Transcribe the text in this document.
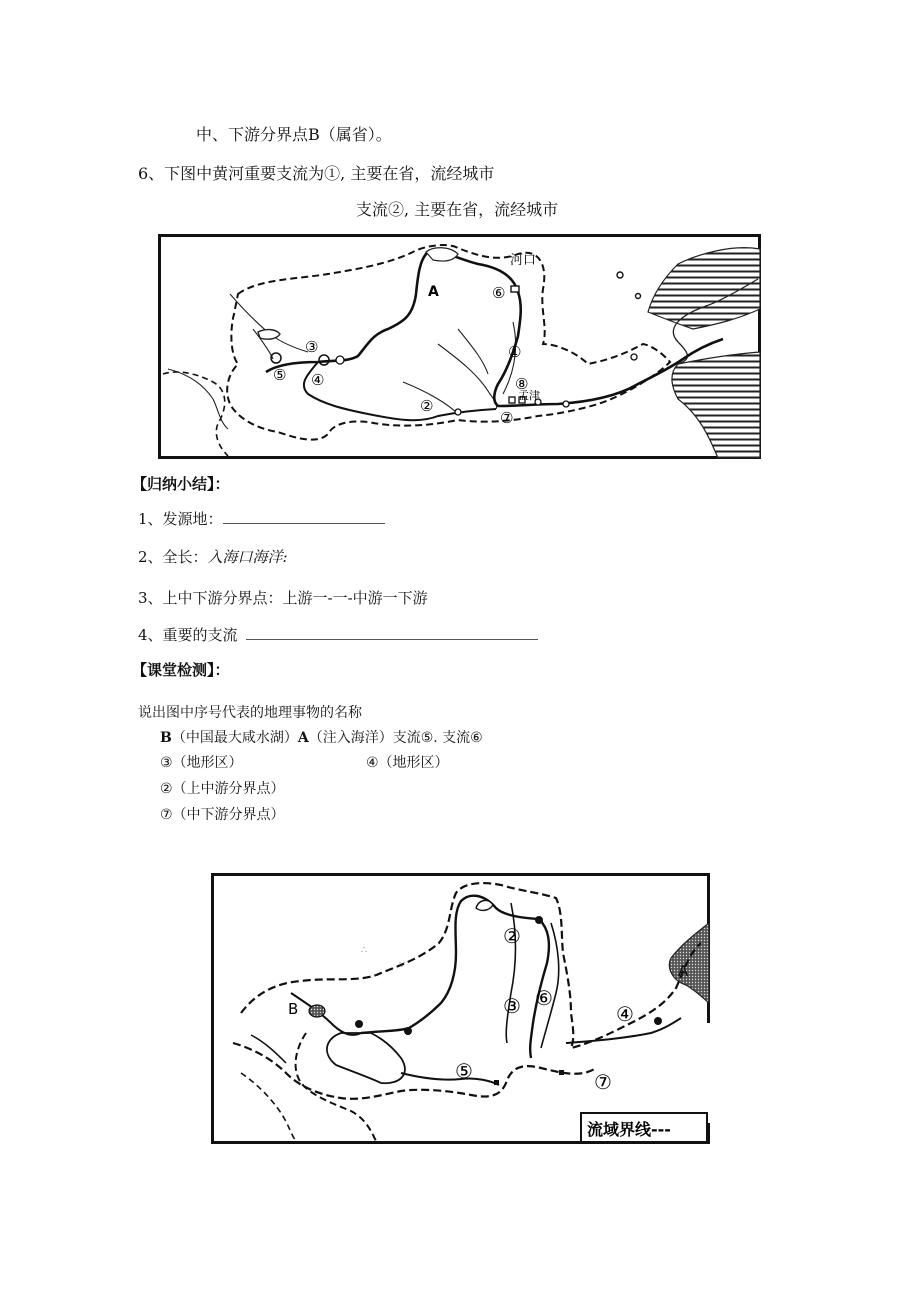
中、下游分界点B（属省）。
6、下图中黄河重要支流为①, 主要在省，流经城市
支流②, 主要在省，流经城市
河口
A
孟津
①
②
③
④
⑤
⑥
⑦
⑧
【归纳小结】：
1、发源地：
2、全长：入海口海洋:
3、上中下游分界点：上游一-一-中游一下游
4、重要的支流
【课堂检测】：
说出图中序号代表的地理事物的名称
B（中国最大咸水湖）A（注入海洋）支流⑤. 支流⑥
③（地形区）	④（地形区）
②（上中游分界点）
⑦（中下游分界点）
∴
∵
B
A
②
③ ⑥
④
⑤	⑦
流域界线---
